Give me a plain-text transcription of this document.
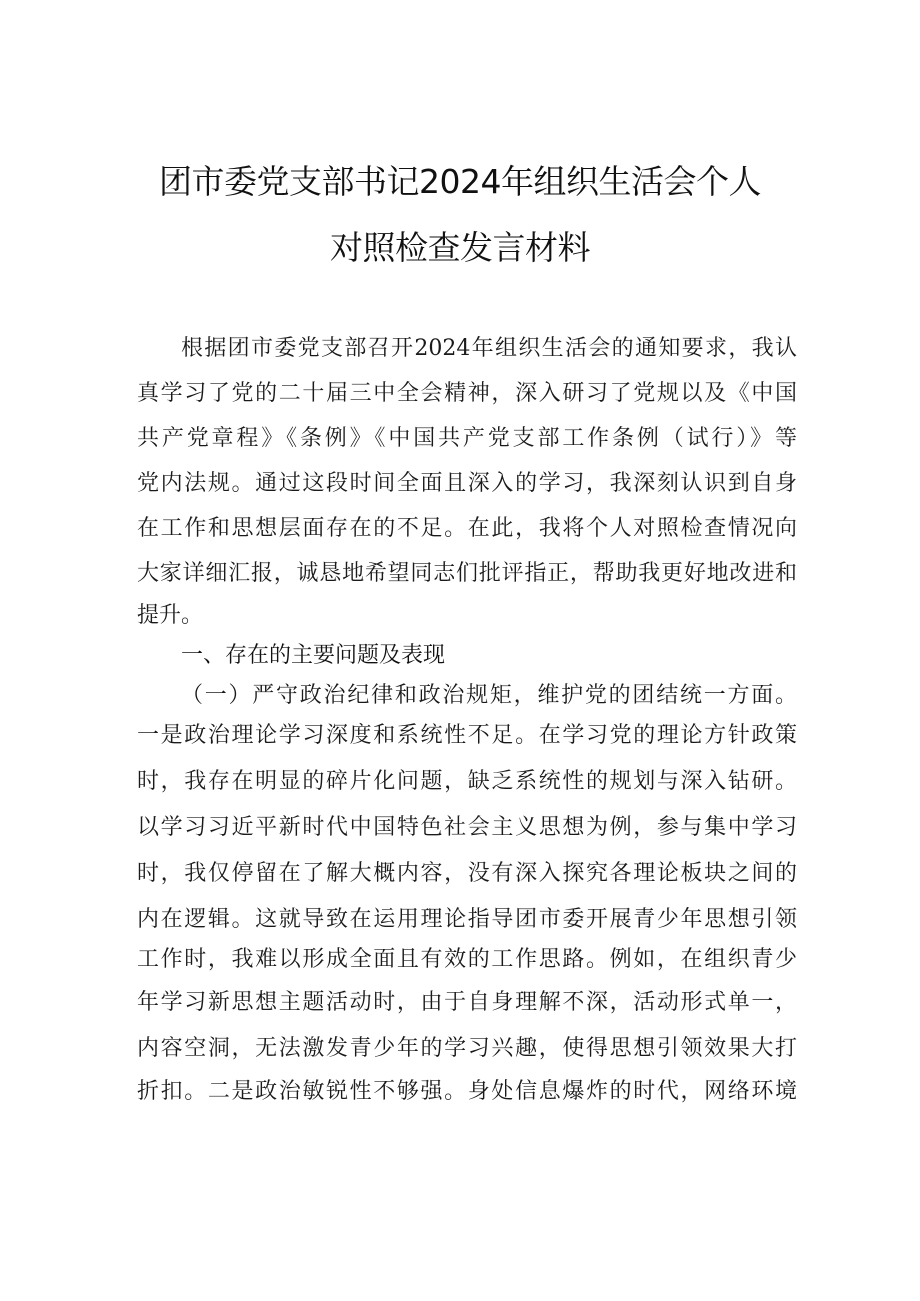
团市委党支部书记2024年组织生活会个人
对照检查发言材料
根据团市委党支部召开2024年组织生活会的通知要求，我认
真学习了党的二十届三中全会精神，深入研习了党规以及《中国
共产党章程》《条例》《中国共产党支部工作条例（试行）》等
党内法规。通过这段时间全面且深入的学习，我深刻认识到自身
在工作和思想层面存在的不足。在此，我将个人对照检查情况向
大家详细汇报，诚恳地希望同志们批评指正，帮助我更好地改进和
提升。
一、存在的主要问题及表现
（一）严守政治纪律和政治规矩，维护党的团结统一方面。
一是政治理论学习深度和系统性不足。在学习党的理论方针政策
时，我存在明显的碎片化问题，缺乏系统性的规划与深入钻研。
以学习习近平新时代中国特色社会主义思想为例，参与集中学习
时，我仅停留在了解大概内容，没有深入探究各理论板块之间的
内在逻辑。这就导致在运用理论指导团市委开展青少年思想引领
工作时，我难以形成全面且有效的工作思路。例如，在组织青少
年学习新思想主题活动时，由于自身理解不深，活动形式单一，
内容空洞，无法激发青少年的学习兴趣，使得思想引领效果大打
折扣。二是政治敏锐性不够强。身处信息爆炸的时代，网络环境
